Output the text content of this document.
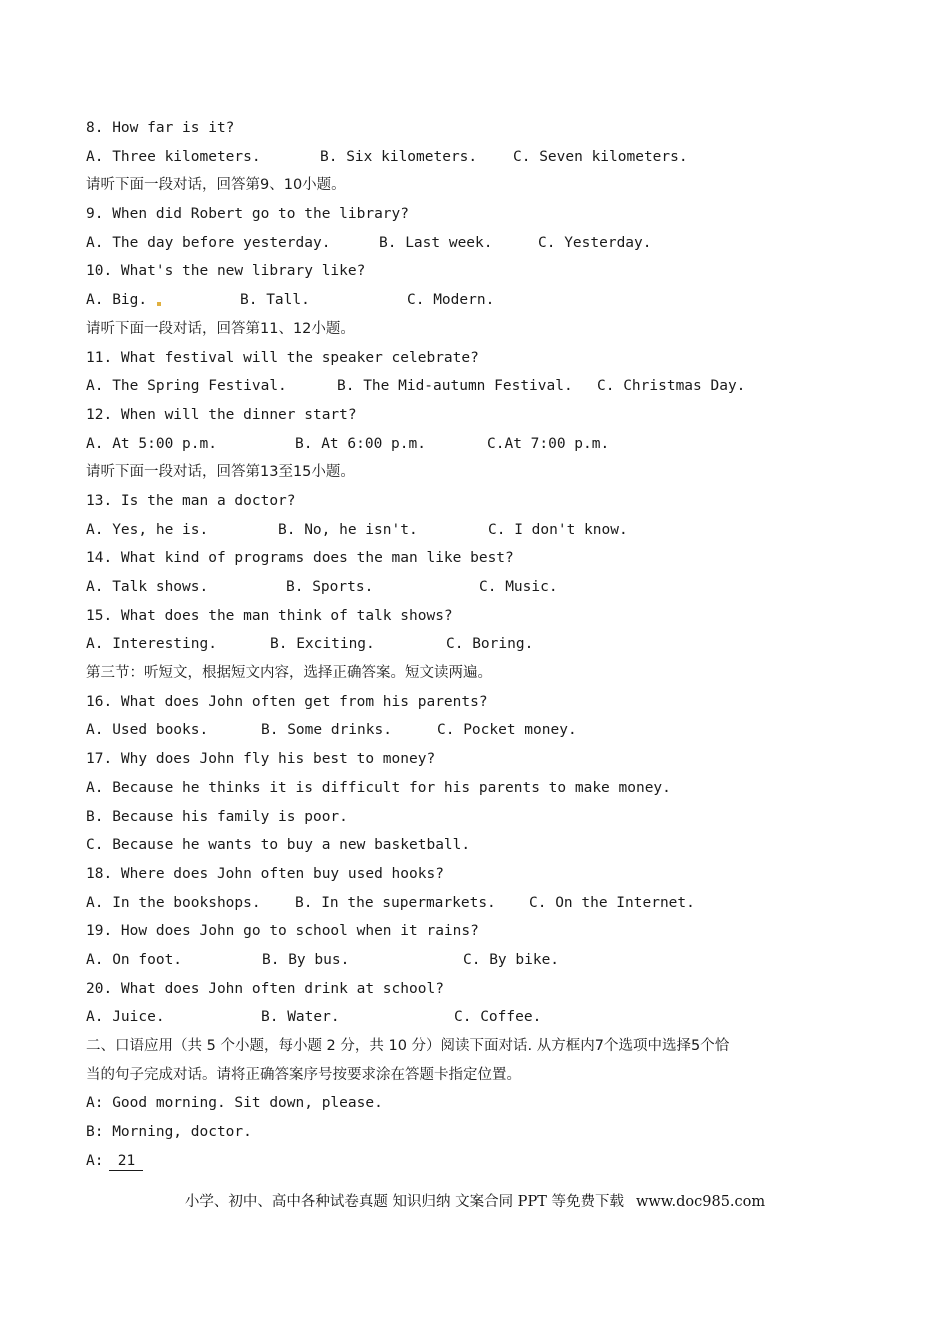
8. How far is it?
A. Three kilometers.	B. Six kilometers. C. Seven kilometers.
请听下面一段对话，回答第9、10小题。
9. When did Robert go to the library?
A. The day before yesterday.	B. Last week.	C. Yesterday.
10. What's the new library like?
A. Big.	B. Tall.	C. Modern.
请听下面一段对话，回答第11、12小题。
11. What festival will the speaker celebrate?
A. The Spring Festival.	B. The Mid-autumn Festival. C. Christmas Day.
12. When will the dinner start?
A. At 5:00 p.m.	B. At 6:00 p.m.	C.At 7:00 p.m.
请听下面一段对话，回答第13至15小题。
13. Is the man a doctor?
A. Yes, he is.	B. No, he isn't.	C. I don't know.
14. What kind of programs does the man like best?
A. Talk shows.	B. Sports.	C. Music.
15. What does the man think of talk shows?
A. Interesting.	B. Exciting.	C. Boring.
第三节：听短文，根据短文内容，选择正确答案。短文读两遍。
16. What does John often get from his parents?
A. Used books.	B. Some drinks.	C. Pocket money.
17. Why does John fly his best to money?
A. Because he thinks it is difficult for his parents to make money.
B. Because his family is poor.
C. Because he wants to buy a new basketball.
18. Where does John often buy used hooks?
A. In the bookshops. B. In the supermarkets. C. On the Internet.
19. How does John go to school when it rains?
A. On foot.	B. By bus.	C. By bike.
20. What does John often drink at school?
A. Juice.	B. Water.	C. Coffee.
二、口语应用（共 5 个小题，每小题 2 分，共 10 分）阅读下面对话. 从方框内7个选项中选择5个恰
当的句子完成对话。请将正确答案序号按要求涂在答题卡指定位置。
A: Good morning. Sit down, please.
B: Morning, doctor.
A: 21
小学、初中、高中各种试卷真题 知识归纳 文案合同 PPT 等免费下载 www.doc985.com
